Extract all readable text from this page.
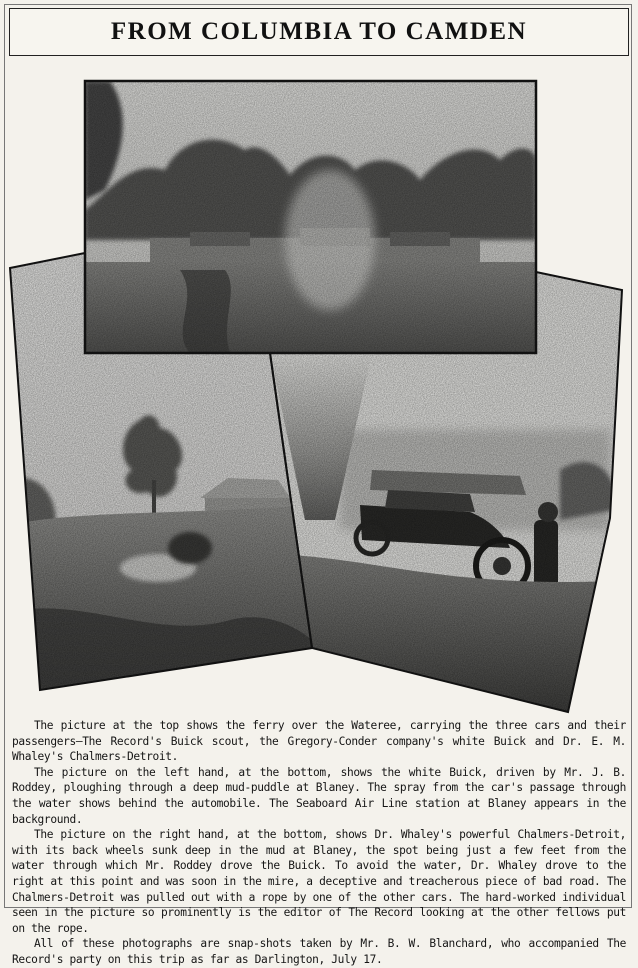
FROM COLUMBIA TO CAMDEN

The picture at the top shows the ferry over the Wateree, carrying the three cars and their passengers—The Record's Buick scout, the Gregory-Conder company's white Buick and Dr. E. M. Whaley's Chalmers-Detroit.

The picture on the left hand, at the bottom, shows the white Buick, driven by Mr. J. B. Roddey, ploughing through a deep mud-puddle at Blaney. The spray from the car's passage through the water shows behind the automobile. The Seaboard Air Line station at Blaney appears in the background.

The picture on the right hand, at the bottom, shows Dr. Whaley's powerful Chalmers-Detroit, with its back wheels sunk deep in the mud at Blaney, the spot being just a few feet from the water through which Mr. Roddey drove the Buick. To avoid the water, Dr. Whaley drove to the right at this point and was soon in the mire, a deceptive and treacherous piece of bad road. The Chalmers-Detroit was pulled out with a rope by one of the other cars. The hard-worked individual seen in the picture so prominently is the editor of The Record looking at the other fellows put on the rope.

All of these photographs are snap-shots taken by Mr. B. W. Blanchard, who accompanied The Record's party on this trip as far as Darlington, July 17.
